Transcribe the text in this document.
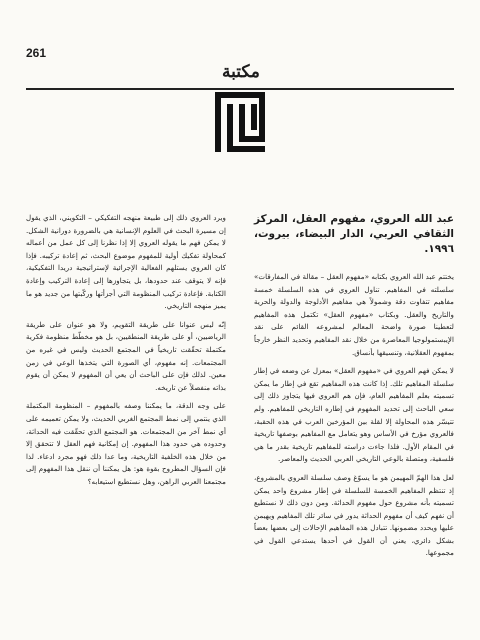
261
مكتبة
عبد الله العروي، مفهوم العقل، المركز الثقافي العربي، الدار البيضاء، بيروت، ١٩٩٦.

يختتم عبد الله العروي بكتابه «مفهوم العقل – مقالة في المفارقات» سلسلته في المفاهيم. تناول العروي في هذه السلسلة خمسة مفاهيم تتفاوت دقة وشمولاً هي مفاهيم الأدلوجة والدولة والحرية والتاريخ والعقل. وبكتاب «مفهوم العقل» تكتمل هذه المفاهيم لتعطينا صورة واضحة المعالم لمشروعه القائم على نقد الإيبستمولوجيا المعاصرة من خلال نقد المفاهيم وتحديد النظر خارجاً بمفهوم العقلانية، وتنسيقها بأنساق.

لا يمكن فهم العروي في «مفهوم العقل» بمعزل عن وضعه في إطار سلسلة المفاهيم تلك. إذا كانت هذه المفاهيم تقع في إطار ما يمكن تسميته بعلم المفاهيم العام، فإن هم العروي فيها يتجاوز ذلك إلى سعي الباحث إلى تحديد المفهوم في إطاره التاريخي للمفاهيم. ولم تتيسّر هذه المحاولة إلا لقلة بين المؤرخين العرب في هذه الحقبة، فالعروي مؤرخ في الأساس وهو يتعامل مع المفاهيم بوصفها تاريخية في المقام الأول. فلذا جاءت دراسته للمفاهيم تاريخية بقدر ما هي فلسفية، ومتصلة بالوعي التاريخي العربي الحديث والمعاصر.

لعل هذا الهمّ المهيمن هو ما يسوّغ وصف سلسلة العروي بالمشروع، إذ تنتظم المفاهيم الخمسة للسلسلة في إطار مشروع واحد يمكن تسميته بأنه مشروع حول مفهوم الحداثة. ومن دون ذلك لا نستطيع أن نفهم كيف أن مفهوم الحداثة يدور في سائر تلك المفاهيم ويهيمن عليها ويحدد مضمونها. تتبادل هذه المفاهيم الإحالات إلى بعضها بعضاً بشكل دائري، يعني أن القول في أحدها يستدعي القول في مجموعها.

ويرد العروي ذلك إلى طبيعة منهجه التفكيكي – التكويني، الذي يقول إن مسيرة البحث في العلوم الإنسانية هي بالضرورة دورانية الشكل. لا يمكن فهم ما يقوله العروي إلا إذا نظرنا إلى كل عمل من أعماله كمحاولة تفكيك أولية للمفهوم موضوع البحث، ثم إعادة تركيبه. فإذا كان العروي يستلهم الفعالية الإجرائية لإستراتيجية دريدا التفكيكية، فإنه لا يتوقف عند حدودها، بل يتجاوزها إلى إعادة التركيب وإعادة الكتابة. فإعادة تركيب المنظومة التي أجزأتها وركّبتها من جديد هو ما يميز منهجه التاريخي.

إنّه ليس عنوانا على طريقة التقويم، ولا هو عنوان على طريقة الرياضيين، أو على طريقة المنطقيين، بل هو مخطّط منظومة فكرية مكتملة تحقّقت تاريخياً في المجتمع الحديث وليس في غيره من المجتمعات. إنه مفهوم، أي الصورة التي يتخذها الوعي في زمن معين. لذلك فإن على الباحث أن يعي أن المفهوم لا يمكن أن يقوم بذاته منفصلاً عن تاريخه.

على وجه الدقة، ما يمكننا وصفه بالمفهوم – المنظومة المكتملة الذي ينتمي إلى نمط المجتمع الغربي الحديث، ولا يمكن تعميمه على أي نمط آخر من المجتمعات. هو المجتمع الذي تحقّقت فيه الحداثة، وحدوده هي حدود هذا المفهوم. إن إمكانية فهم العقل لا تتحقق إلا من خلال هذه الخلفية التاريخية، وما عدا ذلك فهو مجرد ادعاء. لذا فإن السؤال المطروح بقوة هو: هل يمكننا أن ننقل هذا المفهوم إلى مجتمعنا العربي الراهن، وهل نستطيع استيعابه؟
